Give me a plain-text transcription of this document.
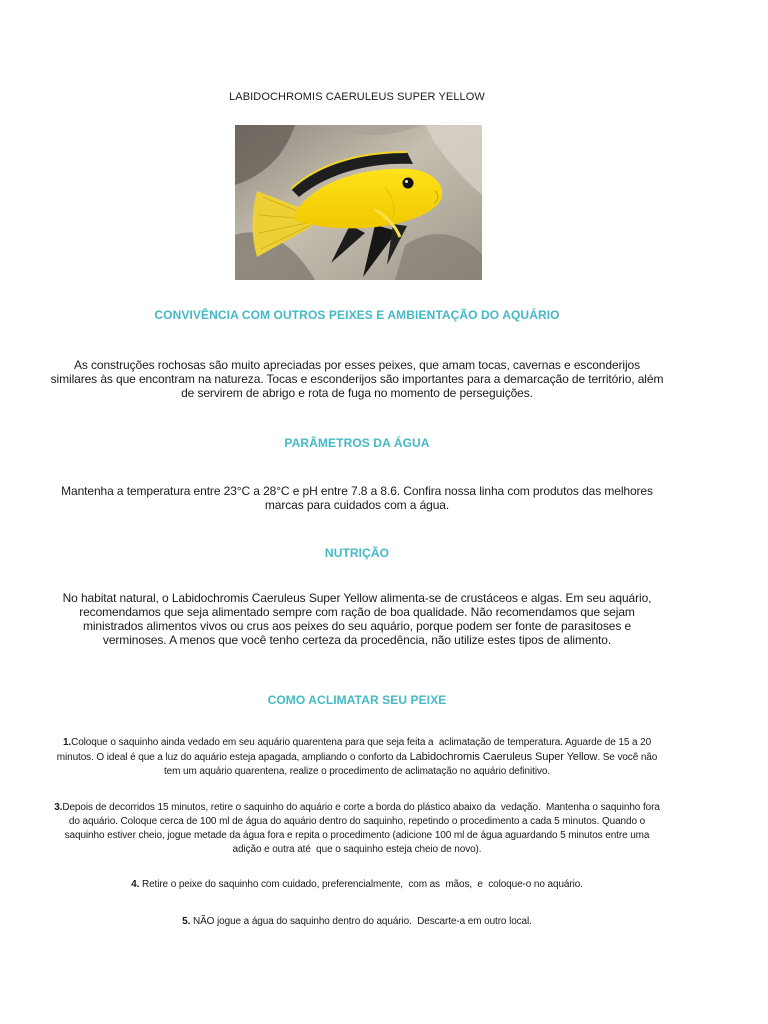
LABIDOCHROMIS CAERULEUS SUPER YELLOW
CONVIVÊNCIA COM OUTROS PEIXES E AMBIENTAÇÃO DO AQUÁRIO
As construções rochosas são muito apreciadas por esses peixes, que amam tocas, cavernas e esconderijos similares às que encontram na natureza. Tocas e esconderijos são importantes para a demarcação de território, além de servirem de abrigo e rota de fuga no momento de perseguições.
PARÂMETROS DA ÁGUA
Mantenha a temperatura entre 23°C a 28°C e pH entre 7.8 a 8.6. Confira nossa linha com produtos das melhores marcas para cuidados com a água.
NUTRIÇÃO
No habitat natural, o Labidochromis Caeruleus Super Yellow alimenta-se de crustáceos e algas. Em seu aquário, recomendamos que seja alimentado sempre com ração de boa qualidade. Não recomendamos que sejam ministrados alimentos vivos ou crus aos peixes do seu aquário, porque podem ser fonte de parasitoses e verminoses. A menos que você tenho certeza da procedência, não utilize estes tipos de alimento.
COMO ACLIMATAR SEU PEIXE
1.Coloque o saquinho ainda vedado em seu aquário quarentena para que seja feita a  aclimatação de temperatura. Aguarde de 15 a 20 minutos. O ideal é que a luz do aquário esteja apagada, ampliando o conforto da Labidochromis Caeruleus Super Yellow. Se você não tem um aquário quarentena, realize o procedimento de aclimatação no aquário definitivo.
3.Depois de decorridos 15 minutos, retire o saquinho do aquário e corte a borda do plástico abaixo da  vedação.  Mantenha o saquinho fora do aquário. Coloque cerca de 100 ml de água do aquário dentro do saquinho, repetindo o procedimento a cada 5 minutos. Quando o saquinho estiver cheio, jogue metade da água fora e repita o procedimento (adicione 100 ml de água aguardando 5 minutos entre uma adição e outra até  que o saquinho esteja cheio de novo).
4. Retire o peixe do saquinho com cuidado, preferencialmente,  com as  mãos,  e  coloque-o no aquário.
5. NÃO jogue a água do saquinho dentro do aquário.  Descarte-a em outro local.
